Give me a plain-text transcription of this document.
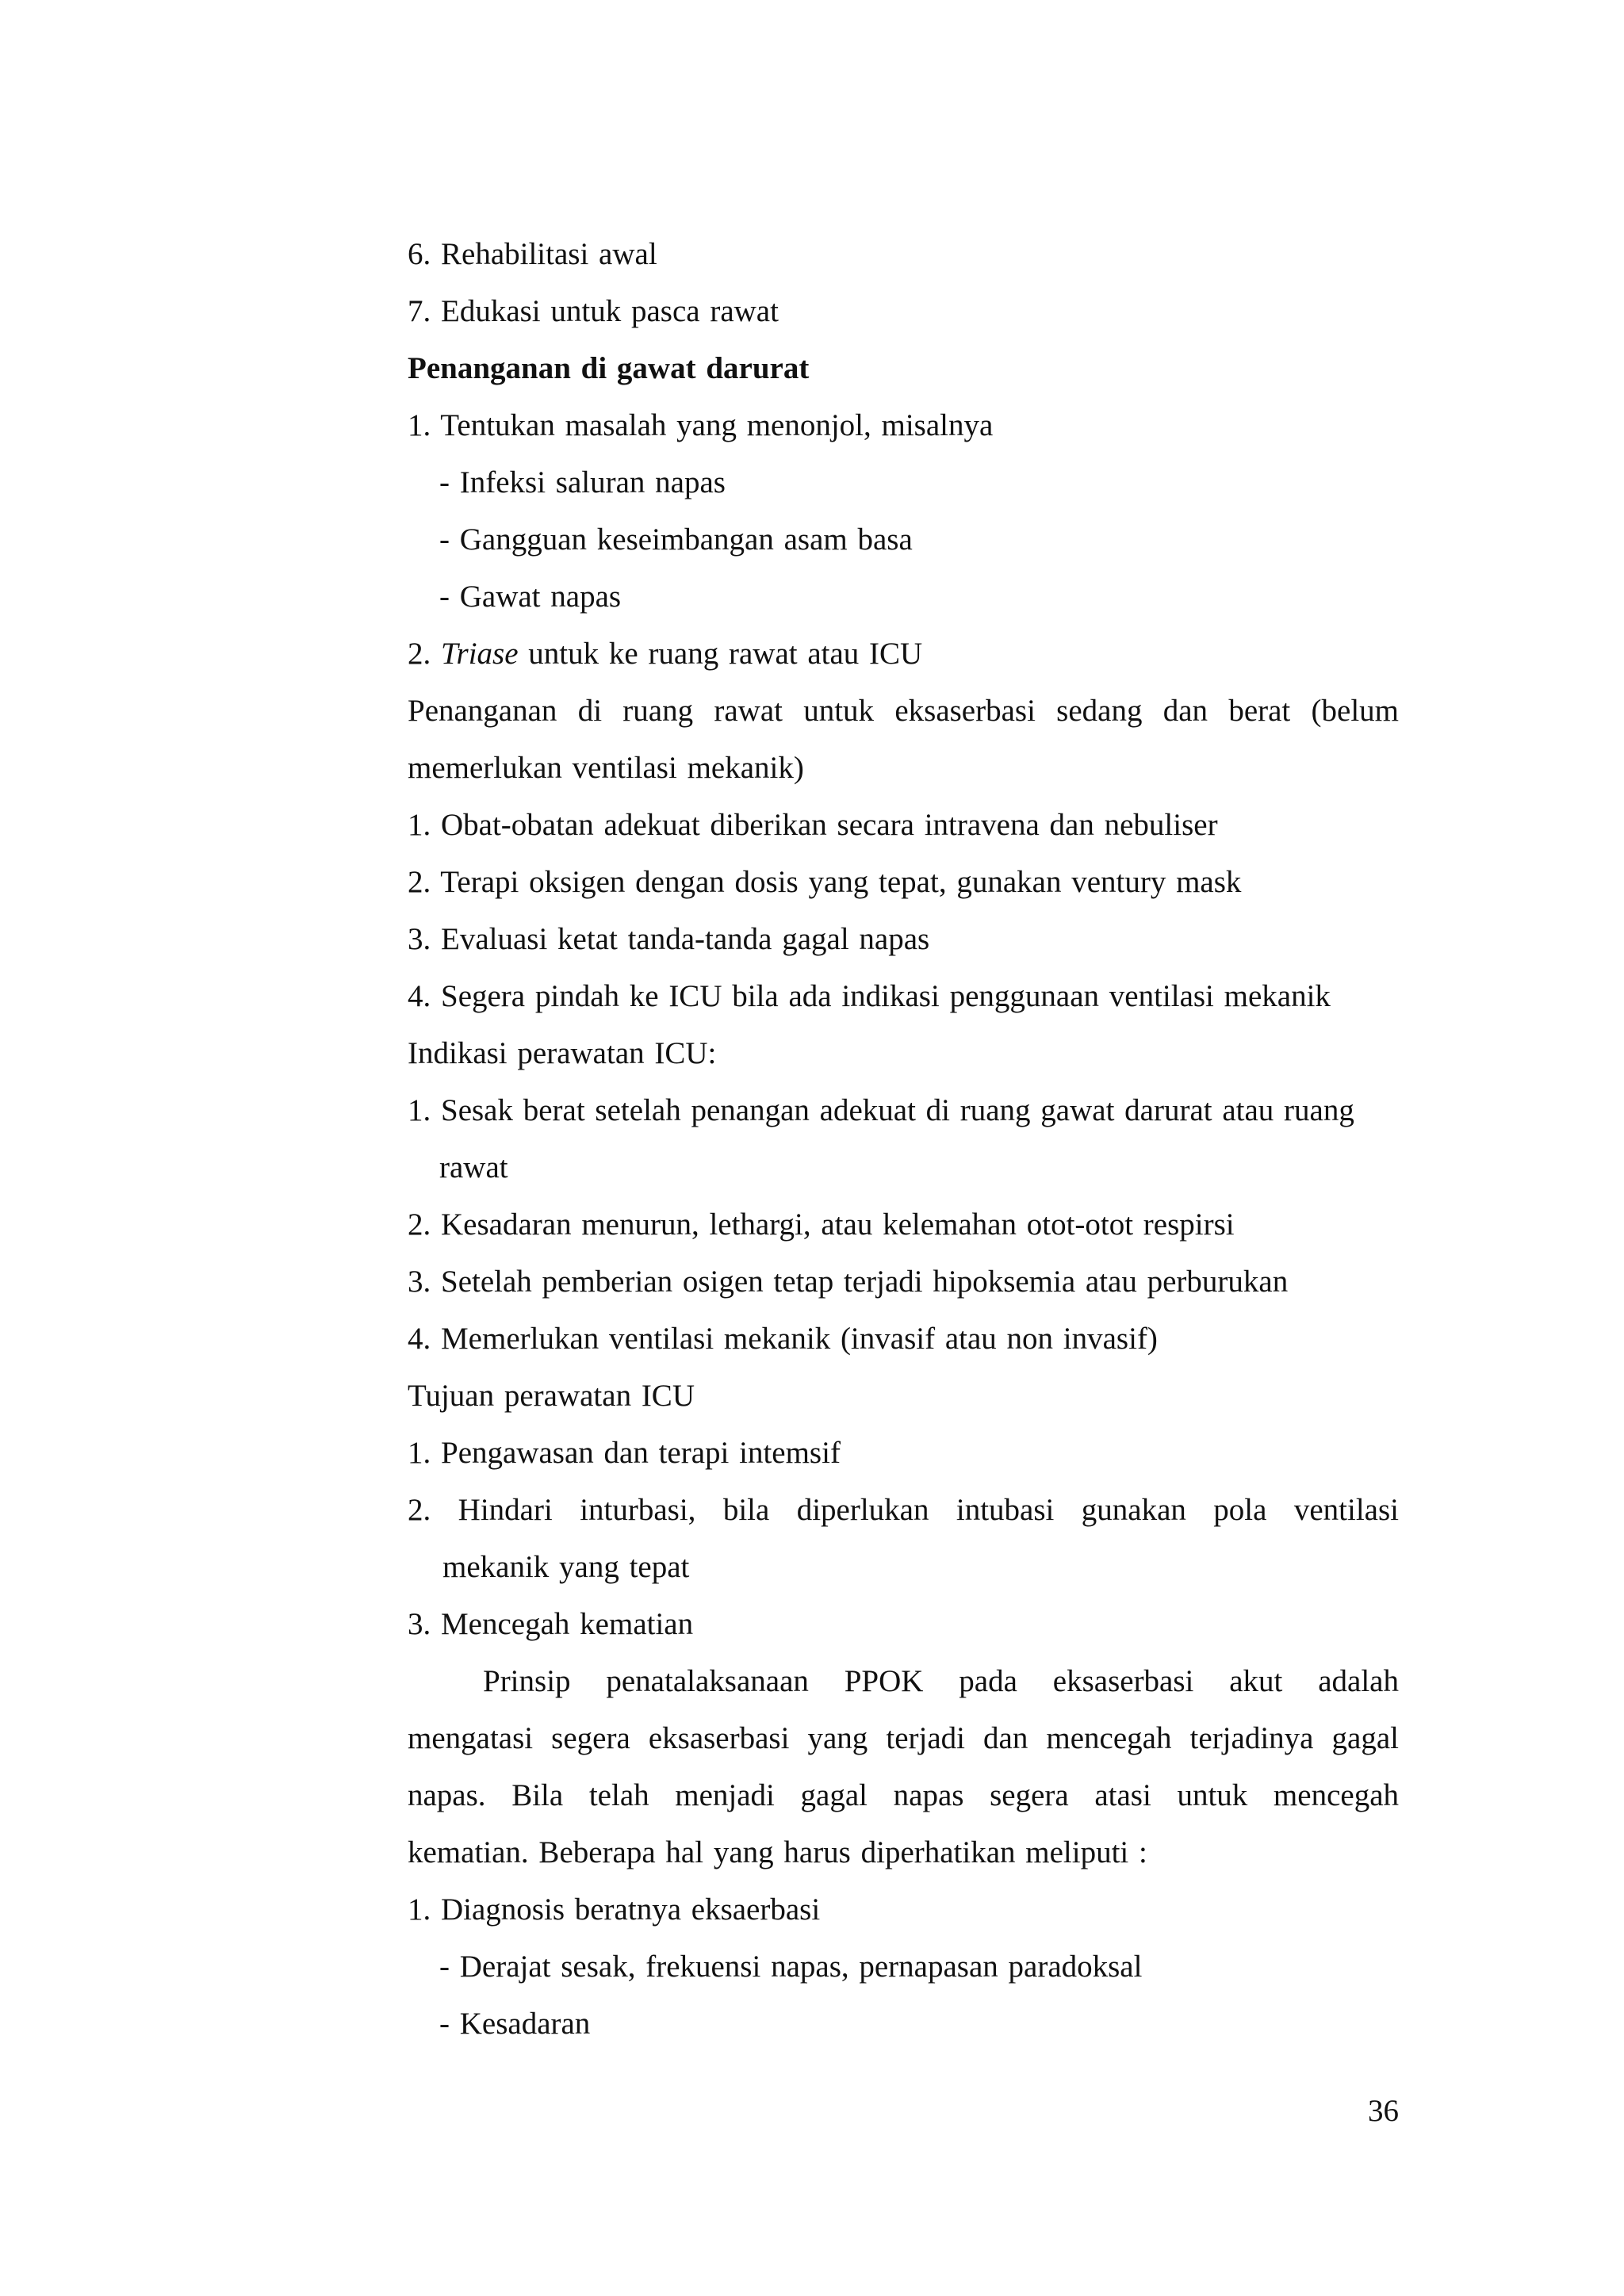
6. Rehabilitasi awal
7. Edukasi untuk pasca rawat
Penanganan di gawat darurat
1. Tentukan masalah yang menonjol, misalnya
- Infeksi saluran napas
- Gangguan keseimbangan asam basa
- Gawat napas
2. Triase untuk ke ruang rawat atau ICU
Penanganan di ruang rawat untuk eksaserbasi sedang dan berat (belum
memerlukan ventilasi mekanik)
1. Obat-obatan adekuat diberikan secara intravena dan nebuliser
2. Terapi oksigen dengan dosis yang tepat, gunakan ventury mask
3. Evaluasi ketat tanda-tanda gagal napas
4. Segera pindah ke ICU bila ada indikasi penggunaan ventilasi mekanik
Indikasi perawatan ICU:
1. Sesak berat setelah penangan adekuat di ruang gawat darurat atau ruang
rawat
2. Kesadaran menurun, lethargi, atau kelemahan otot-otot respirsi
3. Setelah pemberian osigen tetap terjadi hipoksemia atau perburukan
4. Memerlukan ventilasi mekanik (invasif atau non invasif)
Tujuan perawatan ICU
1. Pengawasan dan terapi intemsif
2. Hindari inturbasi, bila diperlukan intubasi gunakan pola ventilasi
mekanik yang tepat
3. Mencegah kematian
Prinsip penatalaksanaan PPOK pada eksaserbasi akut adalah
mengatasi segera eksaserbasi yang terjadi dan mencegah terjadinya gagal
napas. Bila telah menjadi gagal napas segera atasi untuk mencegah
kematian. Beberapa hal yang harus diperhatikan meliputi :
1. Diagnosis beratnya eksaerbasi
- Derajat sesak, frekuensi napas, pernapasan paradoksal
- Kesadaran
36
